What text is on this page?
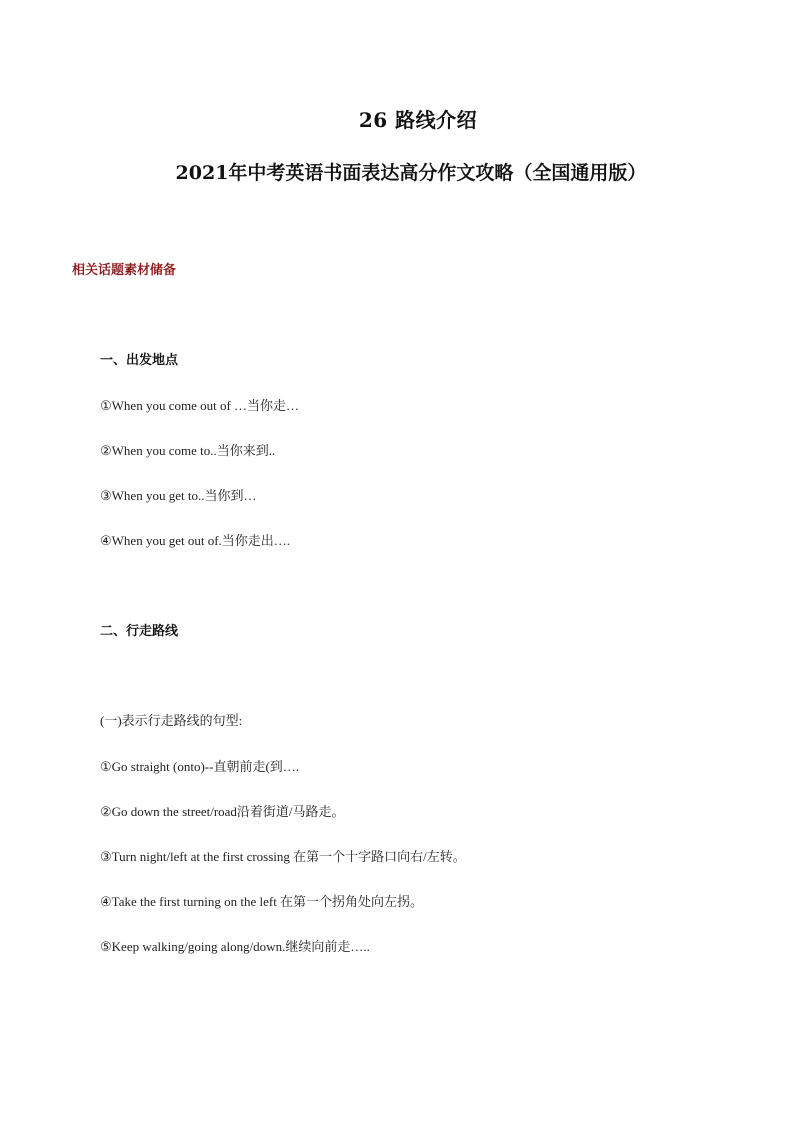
26 路线介绍
2021年中考英语书面表达高分作文攻略（全国通用版）
相关话题素材储备
一、出发地点
①When you come out of …当你走…
②When you come to..当你来到..
③When you get to..当你到…
④When you get out of.当你走出….
二、行走路线
(一)表示行走路线的句型:
①Go straight (onto)--直朝前走(到….
②Go down the street/road沿着街道/马路走。
③Turn night/left at the first crossing 在第一个十字路口向右/左转。
④Take the first turning on the left 在第一个拐角处向左拐。
⑤Keep walking/going along/down.继续向前走…..
